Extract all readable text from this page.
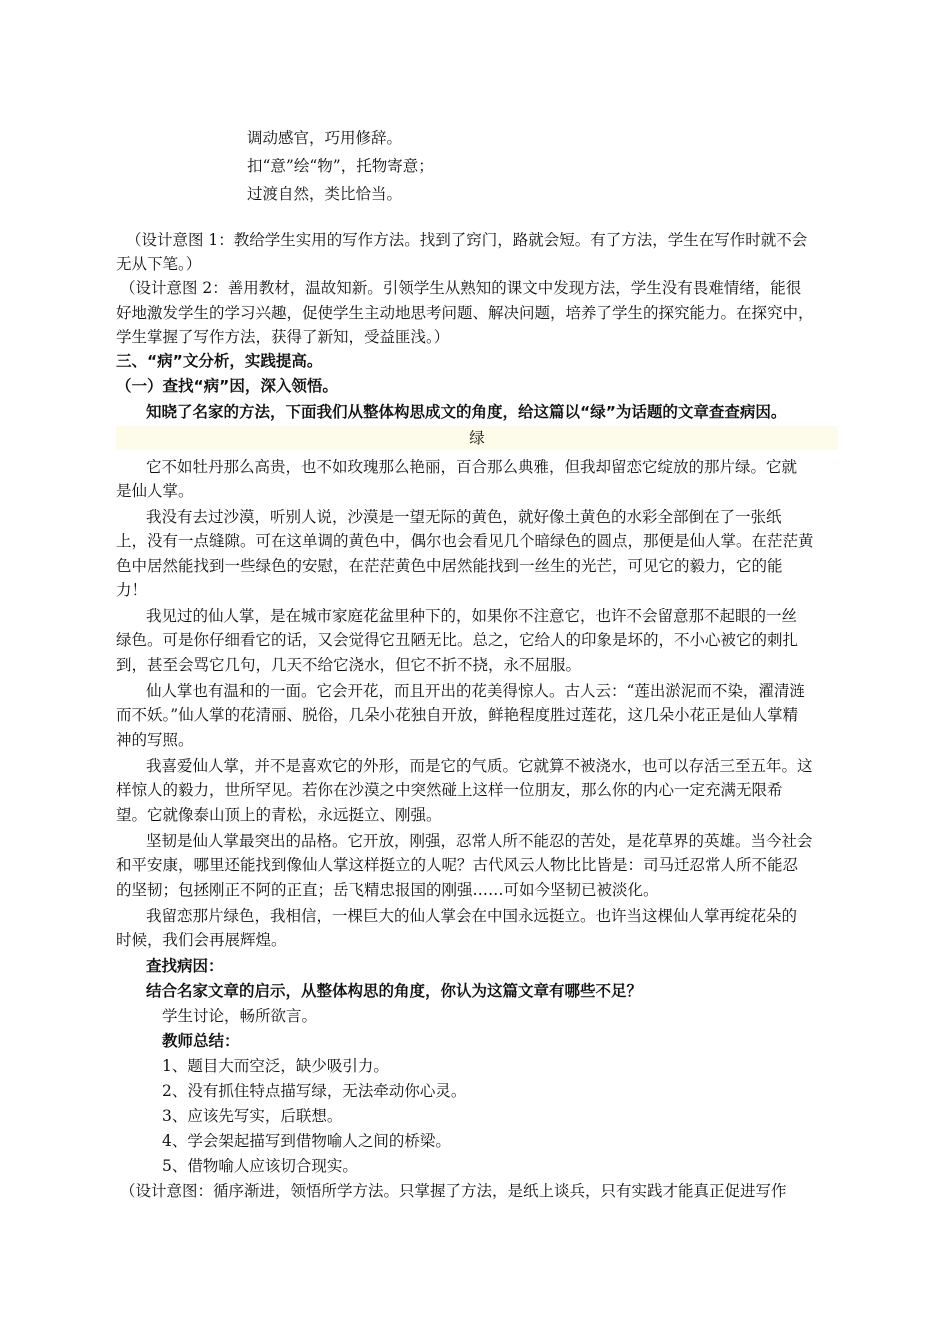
调动感官，巧用修辞。
扣“意”绘“物”，托物寄意；
过渡自然，类比恰当。
（设计意图 1：教给学生实用的写作方法。找到了窍门，路就会短。有了方法，学生在写作时就不会
无从下笔。）
（设计意图 2：善用教材，温故知新。引领学生从熟知的课文中发现方法，学生没有畏难情绪，能很
好地激发学生的学习兴趣，促使学生主动地思考问题、解决问题，培养了学生的探究能力。在探究中，
学生掌握了写作方法，获得了新知，受益匪浅。）
三、“病”文分析，实践提高。
（一）查找“病”因，深入领悟。
知晓了名家的方法，下面我们从整体构思成文的角度，给这篇以“绿”为话题的文章查查病因。
绿
它不如牡丹那么高贵，也不如玫瑰那么艳丽，百合那么典雅，但我却留恋它绽放的那片绿。它就
是仙人掌。
我没有去过沙漠，听别人说，沙漠是一望无际的黄色，就好像土黄色的水彩全部倒在了一张纸
上，没有一点缝隙。可在这单调的黄色中，偶尔也会看见几个暗绿色的圆点，那便是仙人掌。在茫茫黄
色中居然能找到一些绿色的安慰，在茫茫黄色中居然能找到一丝生的光芒，可见它的毅力，它的能
力！
我见过的仙人掌，是在城市家庭花盆里种下的，如果你不注意它，也许不会留意那不起眼的一丝
绿色。可是你仔细看它的话，又会觉得它丑陋无比。总之，它给人的印象是坏的，不小心被它的刺扎
到，甚至会骂它几句，几天不给它浇水，但它不折不挠，永不屈服。
仙人掌也有温和的一面。它会开花，而且开出的花美得惊人。古人云：“莲出淤泥而不染，濯清涟
而不妖。”仙人掌的花清丽、脱俗，几朵小花独自开放，鲜艳程度胜过莲花，这几朵小花正是仙人掌精
神的写照。
我喜爱仙人掌，并不是喜欢它的外形，而是它的气质。它就算不被浇水，也可以存活三至五年。这
样惊人的毅力，世所罕见。若你在沙漠之中突然碰上这样一位朋友，那么你的内心一定充满无限希
望。它就像泰山顶上的青松，永远挺立、刚强。
坚韧是仙人掌最突出的品格。它开放，刚强，忍常人所不能忍的苦处，是花草界的英雄。当今社会
和平安康，哪里还能找到像仙人掌这样挺立的人呢？古代风云人物比比皆是：司马迁忍常人所不能忍
的坚韧；包拯刚正不阿的正直；岳飞精忠报国的刚强……可如今坚韧已被淡化。
我留恋那片绿色，我相信，一棵巨大的仙人掌会在中国永远挺立。也许当这棵仙人掌再绽花朵的
时候，我们会再展辉煌。
查找病因：
结合名家文章的启示，从整体构思的角度，你认为这篇文章有哪些不足？
学生讨论，畅所欲言。
教师总结：
1、题目大而空泛，缺少吸引力。
2、没有抓住特点描写绿，无法牵动你心灵。
3、应该先写实，后联想。
4、学会架起描写到借物喻人之间的桥梁。
5、借物喻人应该切合现实。
（设计意图：循序渐进，领悟所学方法。只掌握了方法，是纸上谈兵，只有实践才能真正促进写作
